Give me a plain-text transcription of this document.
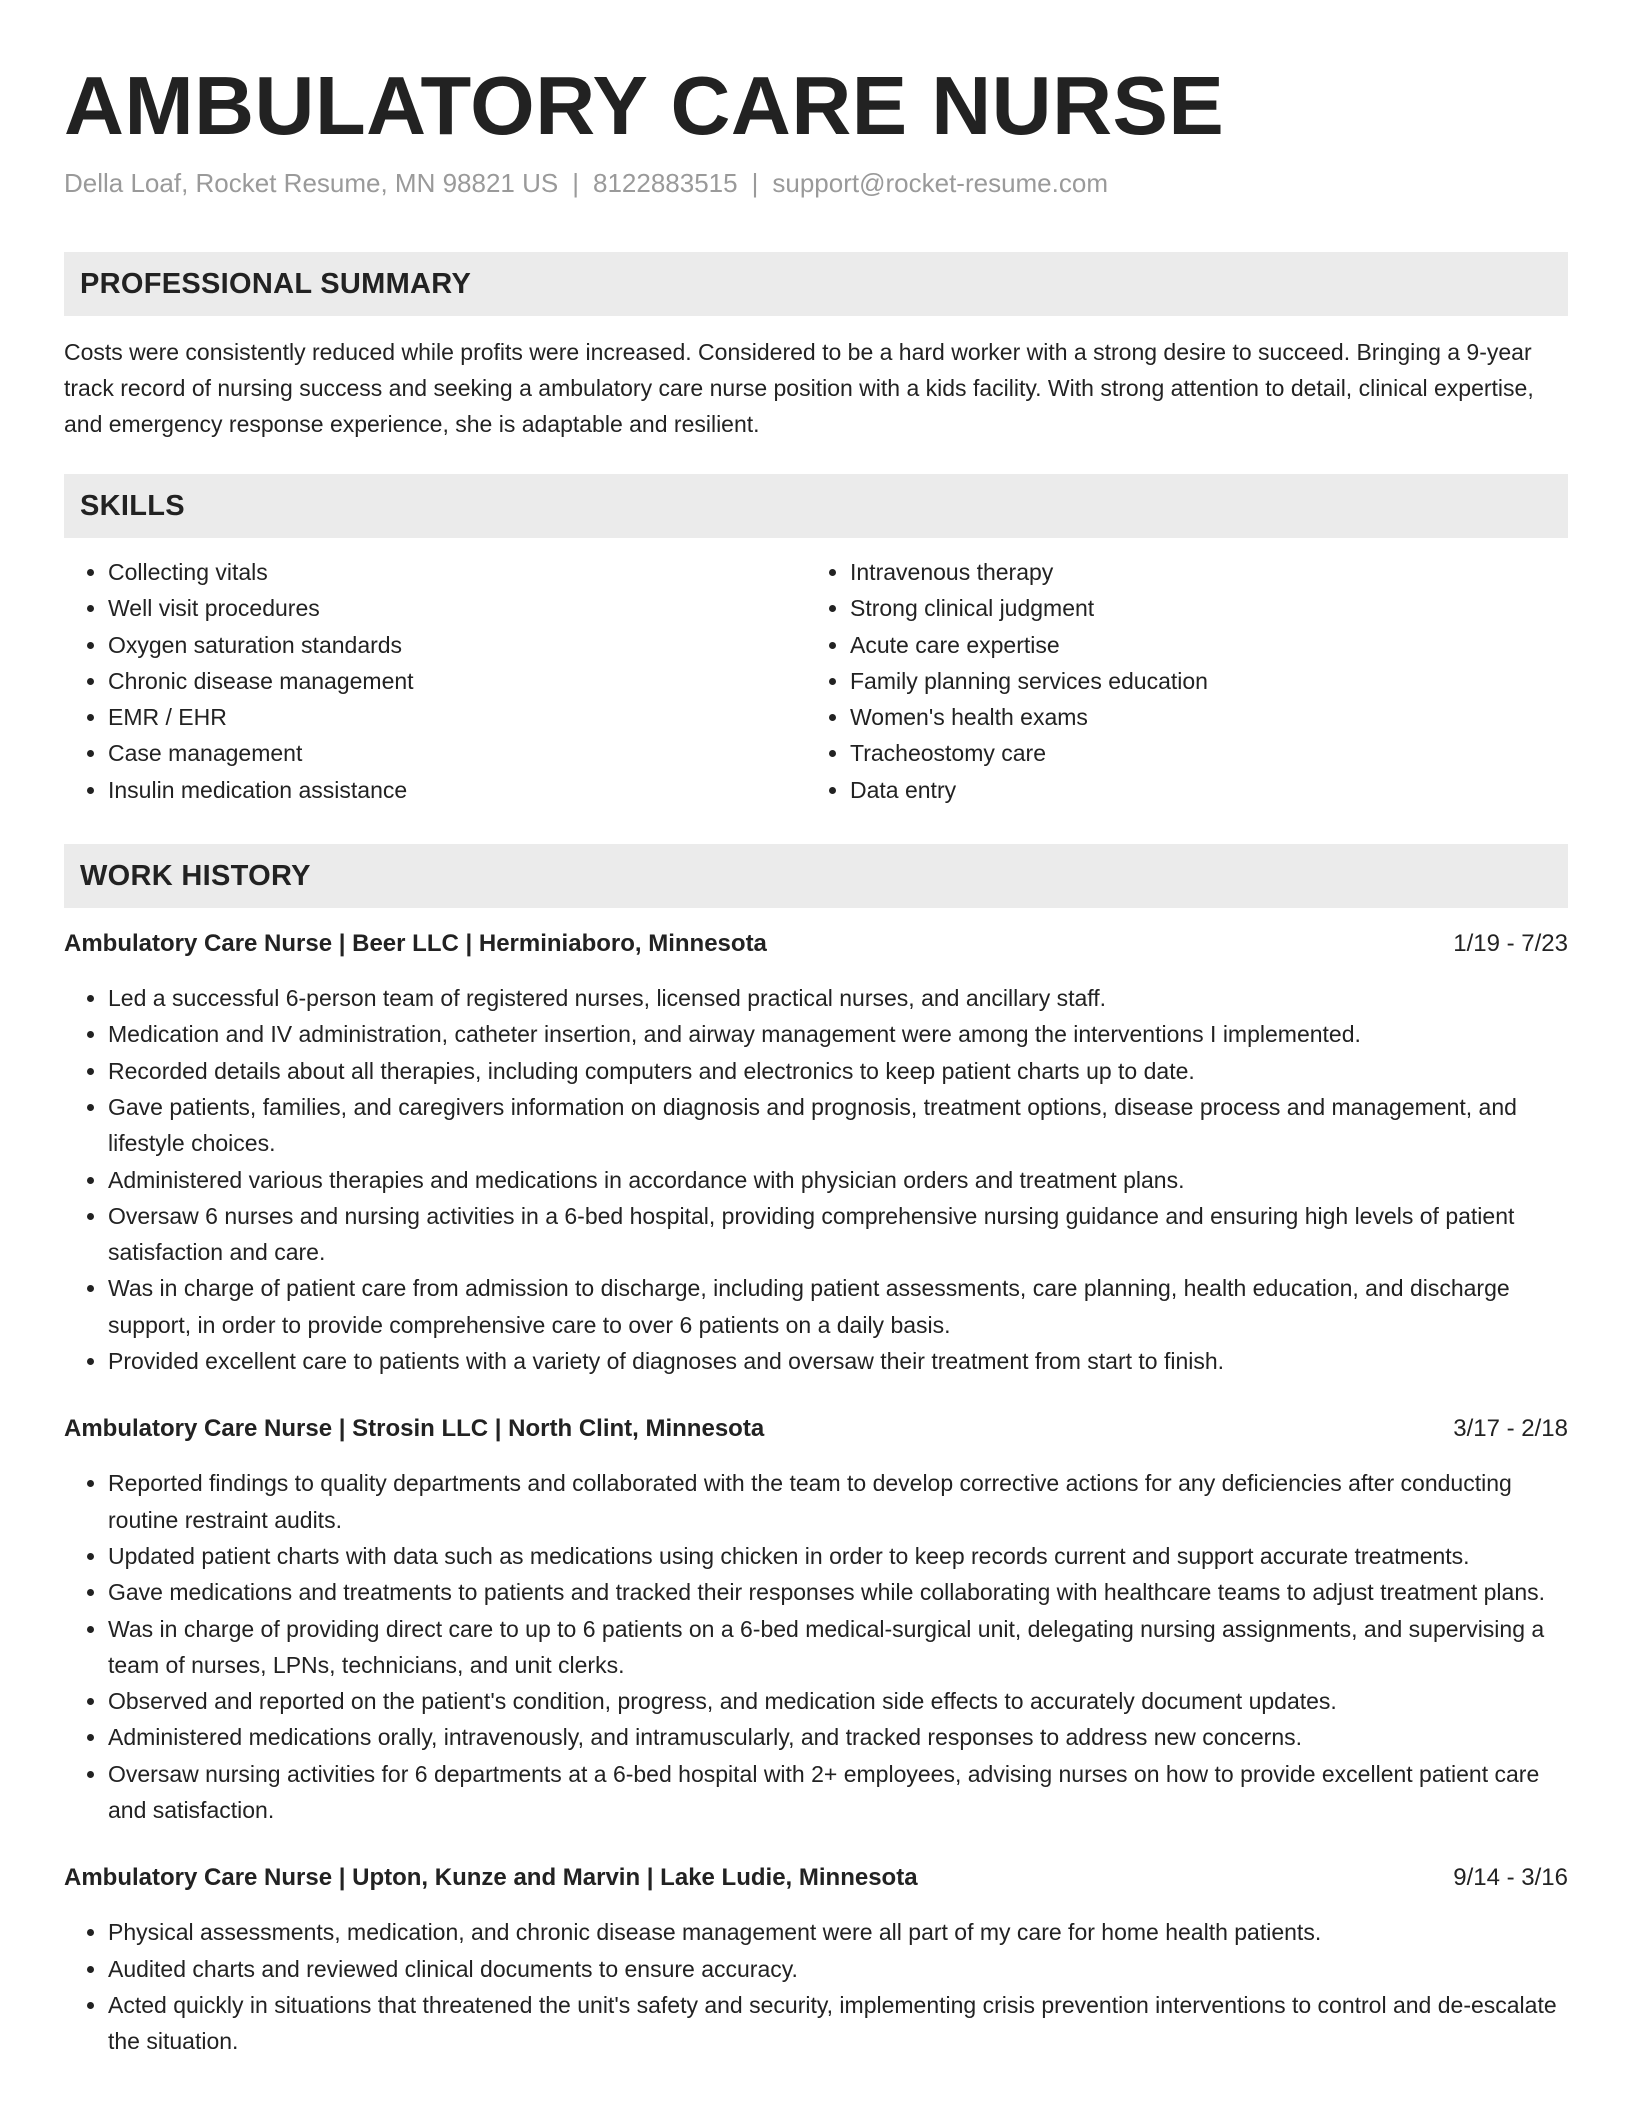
AMBULATORY CARE NURSE
Della Loaf, Rocket Resume, MN 98821 US | 8122883515 | support@rocket-resume.com
PROFESSIONAL SUMMARY

Costs were consistently reduced while profits were increased. Considered to be a hard worker with a strong desire to succeed. Bringing a 9-year track record of nursing success and seeking a ambulatory care nurse position with a kids facility. With strong attention to detail, clinical expertise, and emergency response experience, she is adaptable and resilient.

SKILLS
• Collecting vitals
• Well visit procedures
• Oxygen saturation standards
• Chronic disease management
• EMR / EHR
• Case management
• Insulin medication assistance
• Intravenous therapy
• Strong clinical judgment
• Acute care expertise
• Family planning services education
• Women's health exams
• Tracheostomy care
• Data entry
WORK HISTORY
Ambulatory Care Nurse | Beer LLC | Herminiaboro, Minnesota	1/19 - 7/23
• Led a successful 6-person team of registered nurses, licensed practical nurses, and ancillary staff.
• Medication and IV administration, catheter insertion, and airway management were among the interventions I implemented.
• Recorded details about all therapies, including computers and electronics to keep patient charts up to date.
• Gave patients, families, and caregivers information on diagnosis and prognosis, treatment options, disease process and management, and lifestyle choices.
• Administered various therapies and medications in accordance with physician orders and treatment plans.
• Oversaw 6 nurses and nursing activities in a 6-bed hospital, providing comprehensive nursing guidance and ensuring high levels of patient satisfaction and care.
• Was in charge of patient care from admission to discharge, including patient assessments, care planning, health education, and discharge support, in order to provide comprehensive care to over 6 patients on a daily basis.
• Provided excellent care to patients with a variety of diagnoses and oversaw their treatment from start to finish.
Ambulatory Care Nurse | Strosin LLC | North Clint, Minnesota	3/17 - 2/18
• Reported findings to quality departments and collaborated with the team to develop corrective actions for any deficiencies after conducting routine restraint audits.
• Updated patient charts with data such as medications using chicken in order to keep records current and support accurate treatments.
• Gave medications and treatments to patients and tracked their responses while collaborating with healthcare teams to adjust treatment plans.
• Was in charge of providing direct care to up to 6 patients on a 6-bed medical-surgical unit, delegating nursing assignments, and supervising a team of nurses, LPNs, technicians, and unit clerks.
• Observed and reported on the patient's condition, progress, and medication side effects to accurately document updates.
• Administered medications orally, intravenously, and intramuscularly, and tracked responses to address new concerns.
• Oversaw nursing activities for 6 departments at a 6-bed hospital with 2+ employees, advising nurses on how to provide excellent patient care and satisfaction.
Ambulatory Care Nurse | Upton, Kunze and Marvin | Lake Ludie, Minnesota	9/14 - 3/16
• Physical assessments, medication, and chronic disease management were all part of my care for home health patients.
• Audited charts and reviewed clinical documents to ensure accuracy.
• Acted quickly in situations that threatened the unit's safety and security, implementing crisis prevention interventions to control and de-escalate the situation.
